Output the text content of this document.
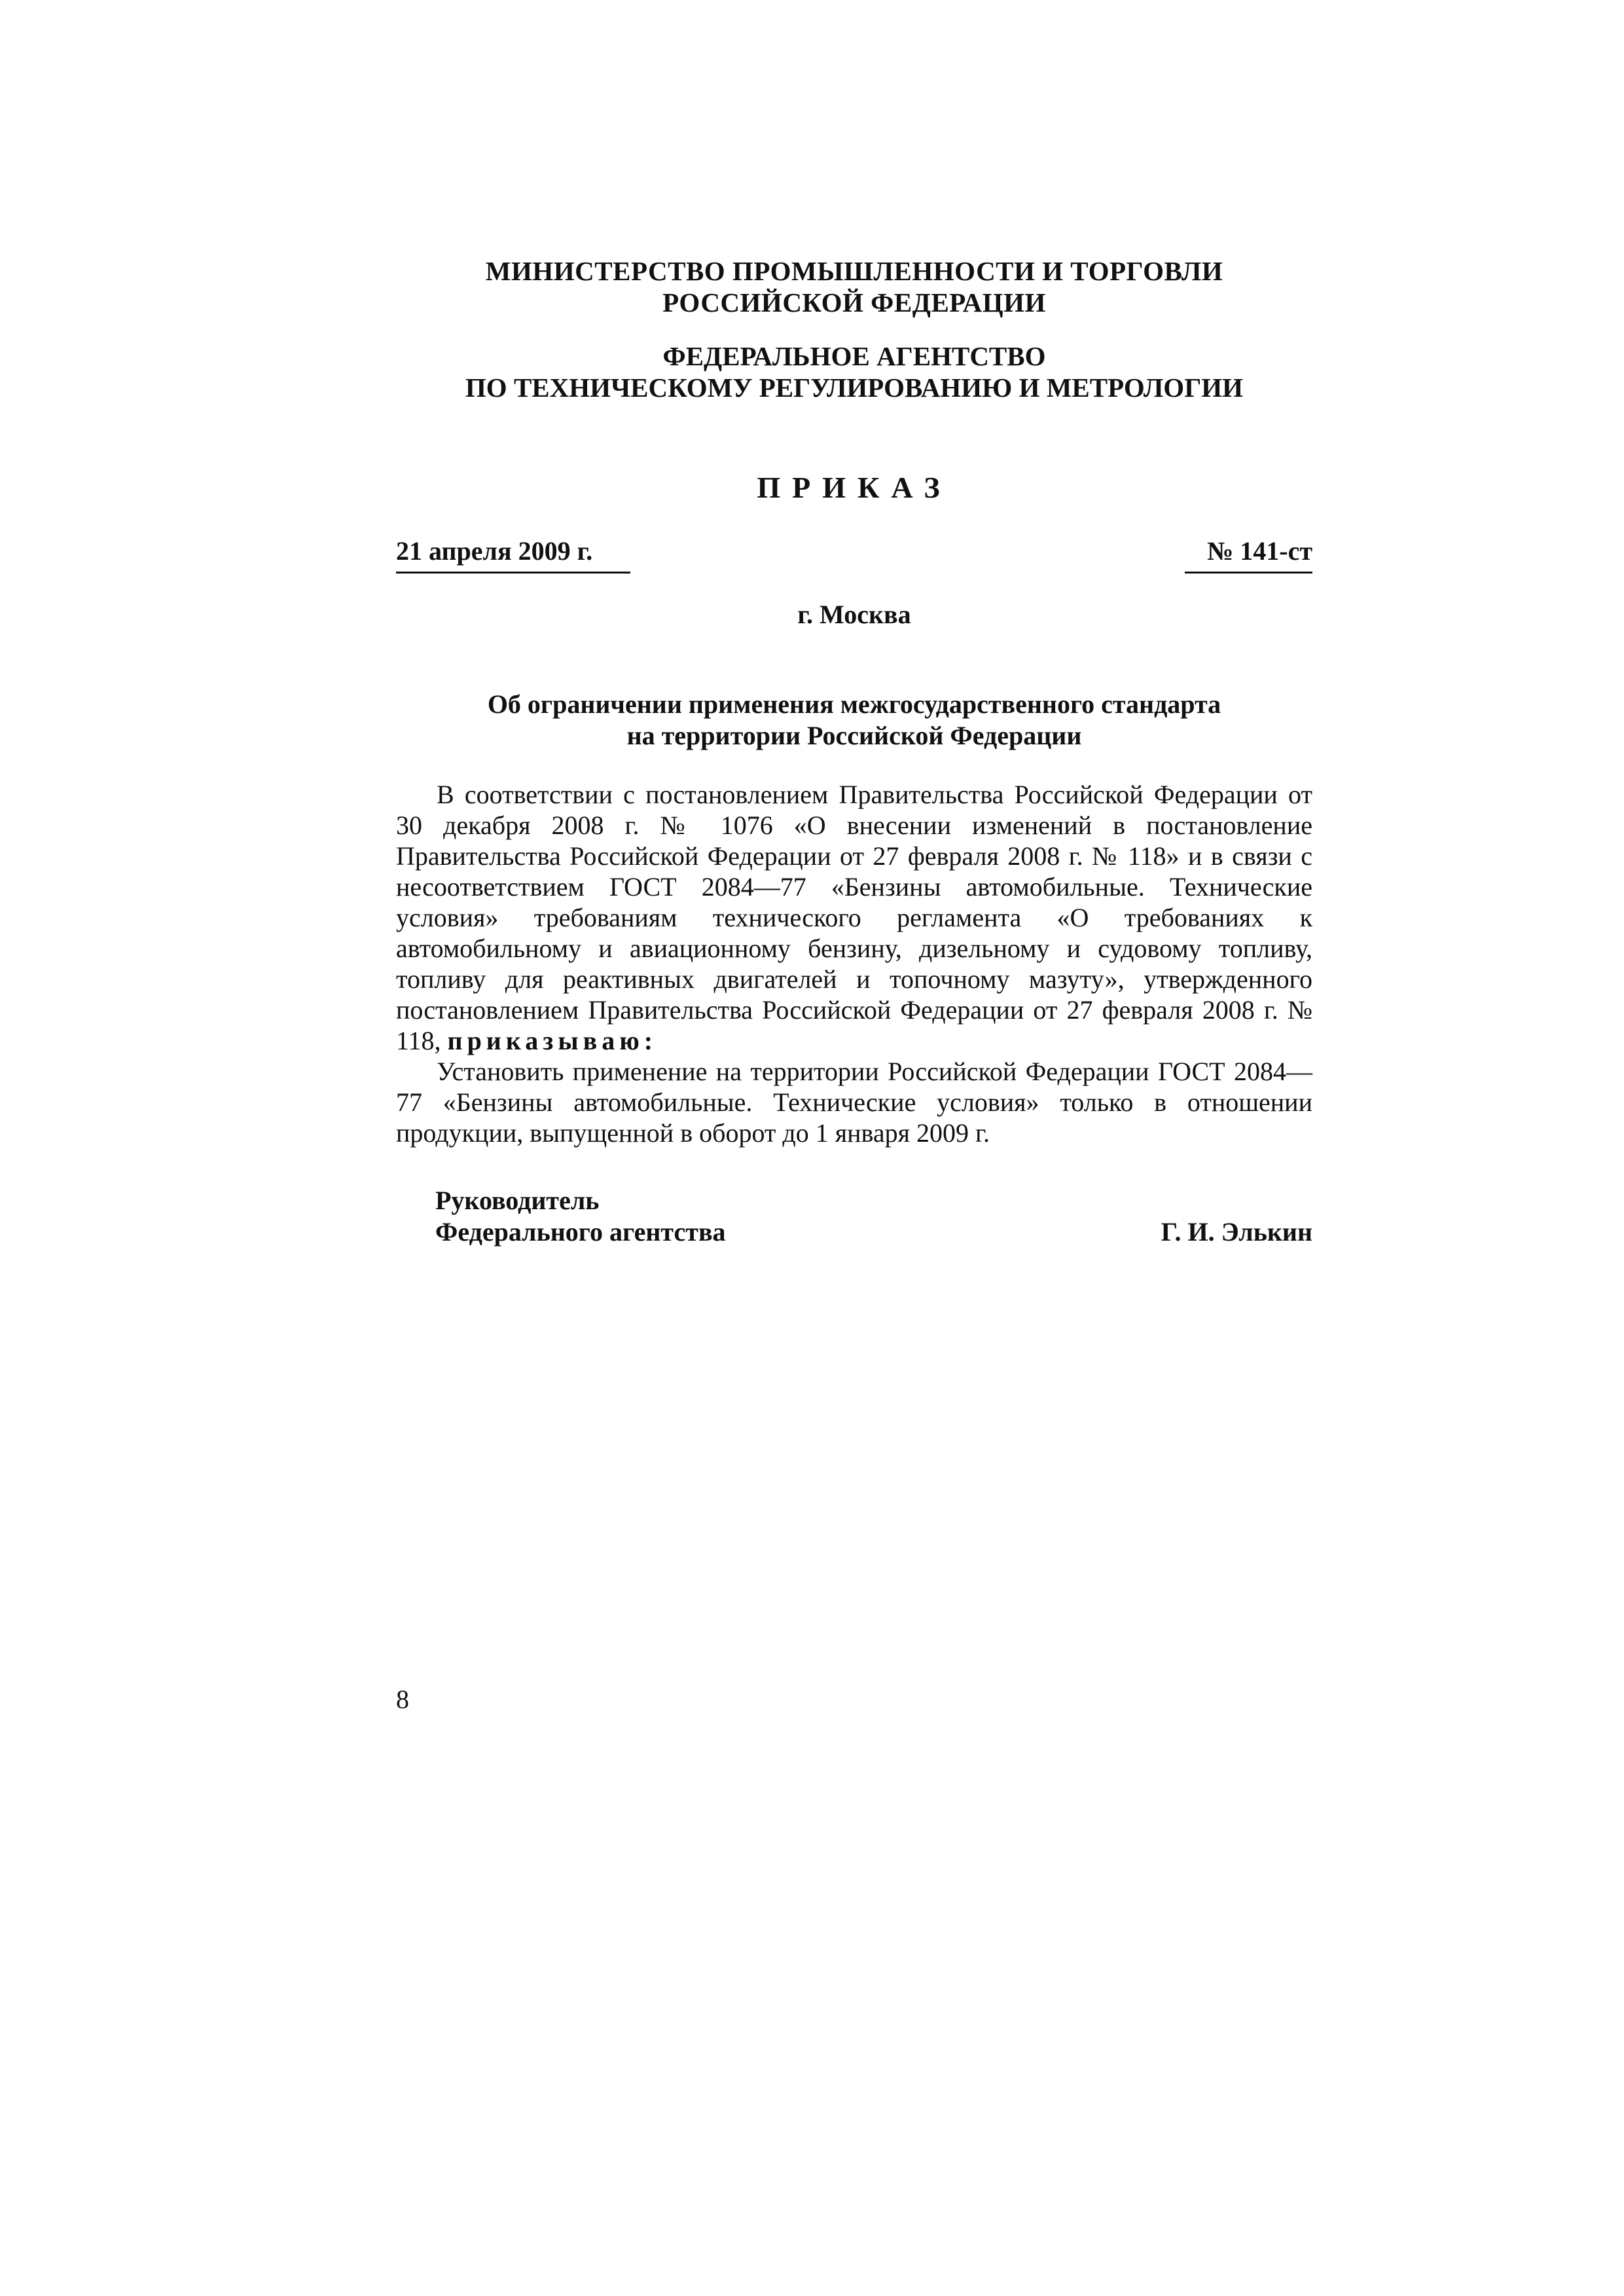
МИНИСТЕРСТВО ПРОМЫШЛЕННОСТИ И ТОРГОВЛИ
РОССИЙСКОЙ ФЕДЕРАЦИИ
ФЕДЕРАЛЬНОЕ АГЕНТСТВО
ПО ТЕХНИЧЕСКОМУ РЕГУЛИРОВАНИЮ И МЕТРОЛОГИИ
ПРИКАЗ
21 апреля 2009 г.	№ 141-ст
г. Москва
Об ограничении применения межгосударственного стандарта
на территории Российской Федерации

В соответствии с постановлением Правительства Российской Федерации от 30 декабря 2008 г. № 1076 «О внесении изменений в постановление Правительства Российской Федерации от 27 февраля 2008 г. № 118» и в связи с несоответствием ГОСТ 2084—77 «Бензины автомобильные. Технические условия» требованиям технического регламента «О требованиях к автомобильному и авиационному бензину, дизельному и судовому топливу, топливу для реактивных двигателей и топочному мазуту», утвержденного постановлением Правительства Российской Федерации от 27 февраля 2008 г. № 118, приказываю:

Установить применение на территории Российской Федерации ГОСТ 2084—77 «Бензины автомобильные. Технические условия» только в отношении продукции, выпущенной в оборот до 1 января 2009 г.

Руководитель
Федерального агентства	Г. И. Элькин
8
